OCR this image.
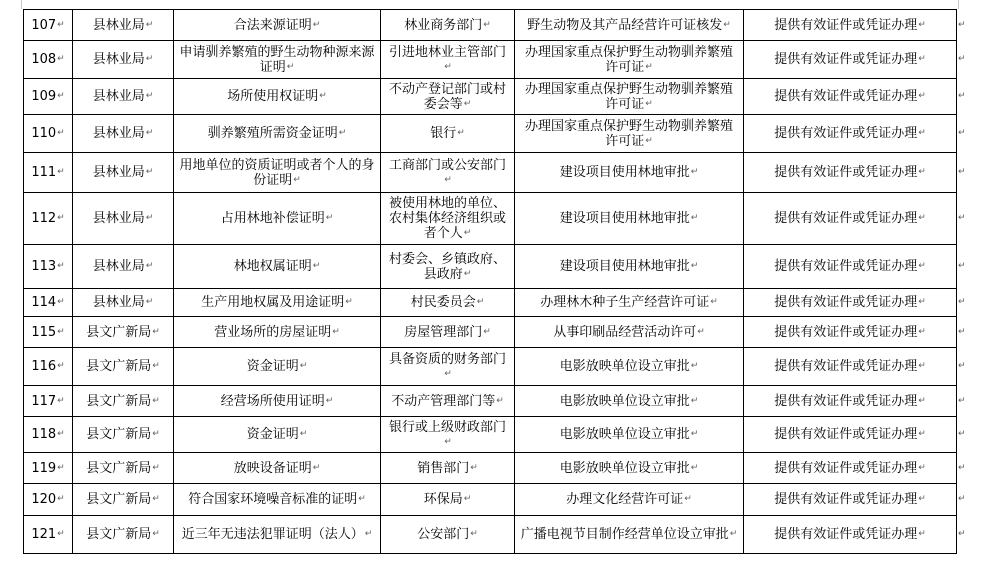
107↵	县林业局↵	合法来源证明↵	林业商务部门↵	野生动物及其产品经营许可证核发↵	提供有效证件或凭证办理↵
108↵	县林业局↵	申请驯养繁殖的野生动物种源来源证明↵	引进地林业主管部门↵	办理国家重点保护野生动物驯养繁殖许可证↵	提供有效证件或凭证办理↵
109↵	县林业局↵	场所使用权证明↵	不动产登记部门或村委会等↵	办理国家重点保护野生动物驯养繁殖许可证↵	提供有效证件或凭证办理↵
110↵	县林业局↵	驯养繁殖所需资金证明↵	银行↵	办理国家重点保护野生动物驯养繁殖许可证↵	提供有效证件或凭证办理↵
111↵	县林业局↵	用地单位的资质证明或者个人的身份证明↵	工商部门或公安部门↵	建设项目使用林地审批↵	提供有效证件或凭证办理↵
112↵	县林业局↵	占用林地补偿证明↵	被使用林地的单位、农村集体经济组织或者个人↵	建设项目使用林地审批↵	提供有效证件或凭证办理↵
113↵	县林业局↵	林地权属证明↵	村委会、乡镇政府、县政府↵	建设项目使用林地审批↵	提供有效证件或凭证办理↵
114↵	县林业局↵	生产用地权属及用途证明↵	村民委员会↵	办理林木种子生产经营许可证↵	提供有效证件或凭证办理↵
115↵	县文广新局↵	营业场所的房屋证明↵	房屋管理部门↵	从事印刷品经营活动许可↵	提供有效证件或凭证办理↵
116↵	县文广新局↵	资金证明↵	具备资质的财务部门↵	电影放映单位设立审批↵	提供有效证件或凭证办理↵
117↵	县文广新局↵	经营场所使用证明↵	不动产管理部门等↵	电影放映单位设立审批↵	提供有效证件或凭证办理↵
118↵	县文广新局↵	资金证明↵	银行或上级财政部门↵	电影放映单位设立审批↵	提供有效证件或凭证办理↵
119↵	县文广新局↵	放映设备证明↵	销售部门↵	电影放映单位设立审批↵	提供有效证件或凭证办理↵
120↵	县文广新局↵	符合国家环境噪音标准的证明↵	环保局↵	办理文化经营许可证↵	提供有效证件或凭证办理↵
121↵	县文广新局↵	近三年无违法犯罪证明（法人）↵	公安部门↵	广播电视节目制作经营单位设立审批↵	提供有效证件或凭证办理↵
↵
↵
↵
↵
↵
↵
↵
↵
↵
↵
↵
↵
↵
↵
↵
